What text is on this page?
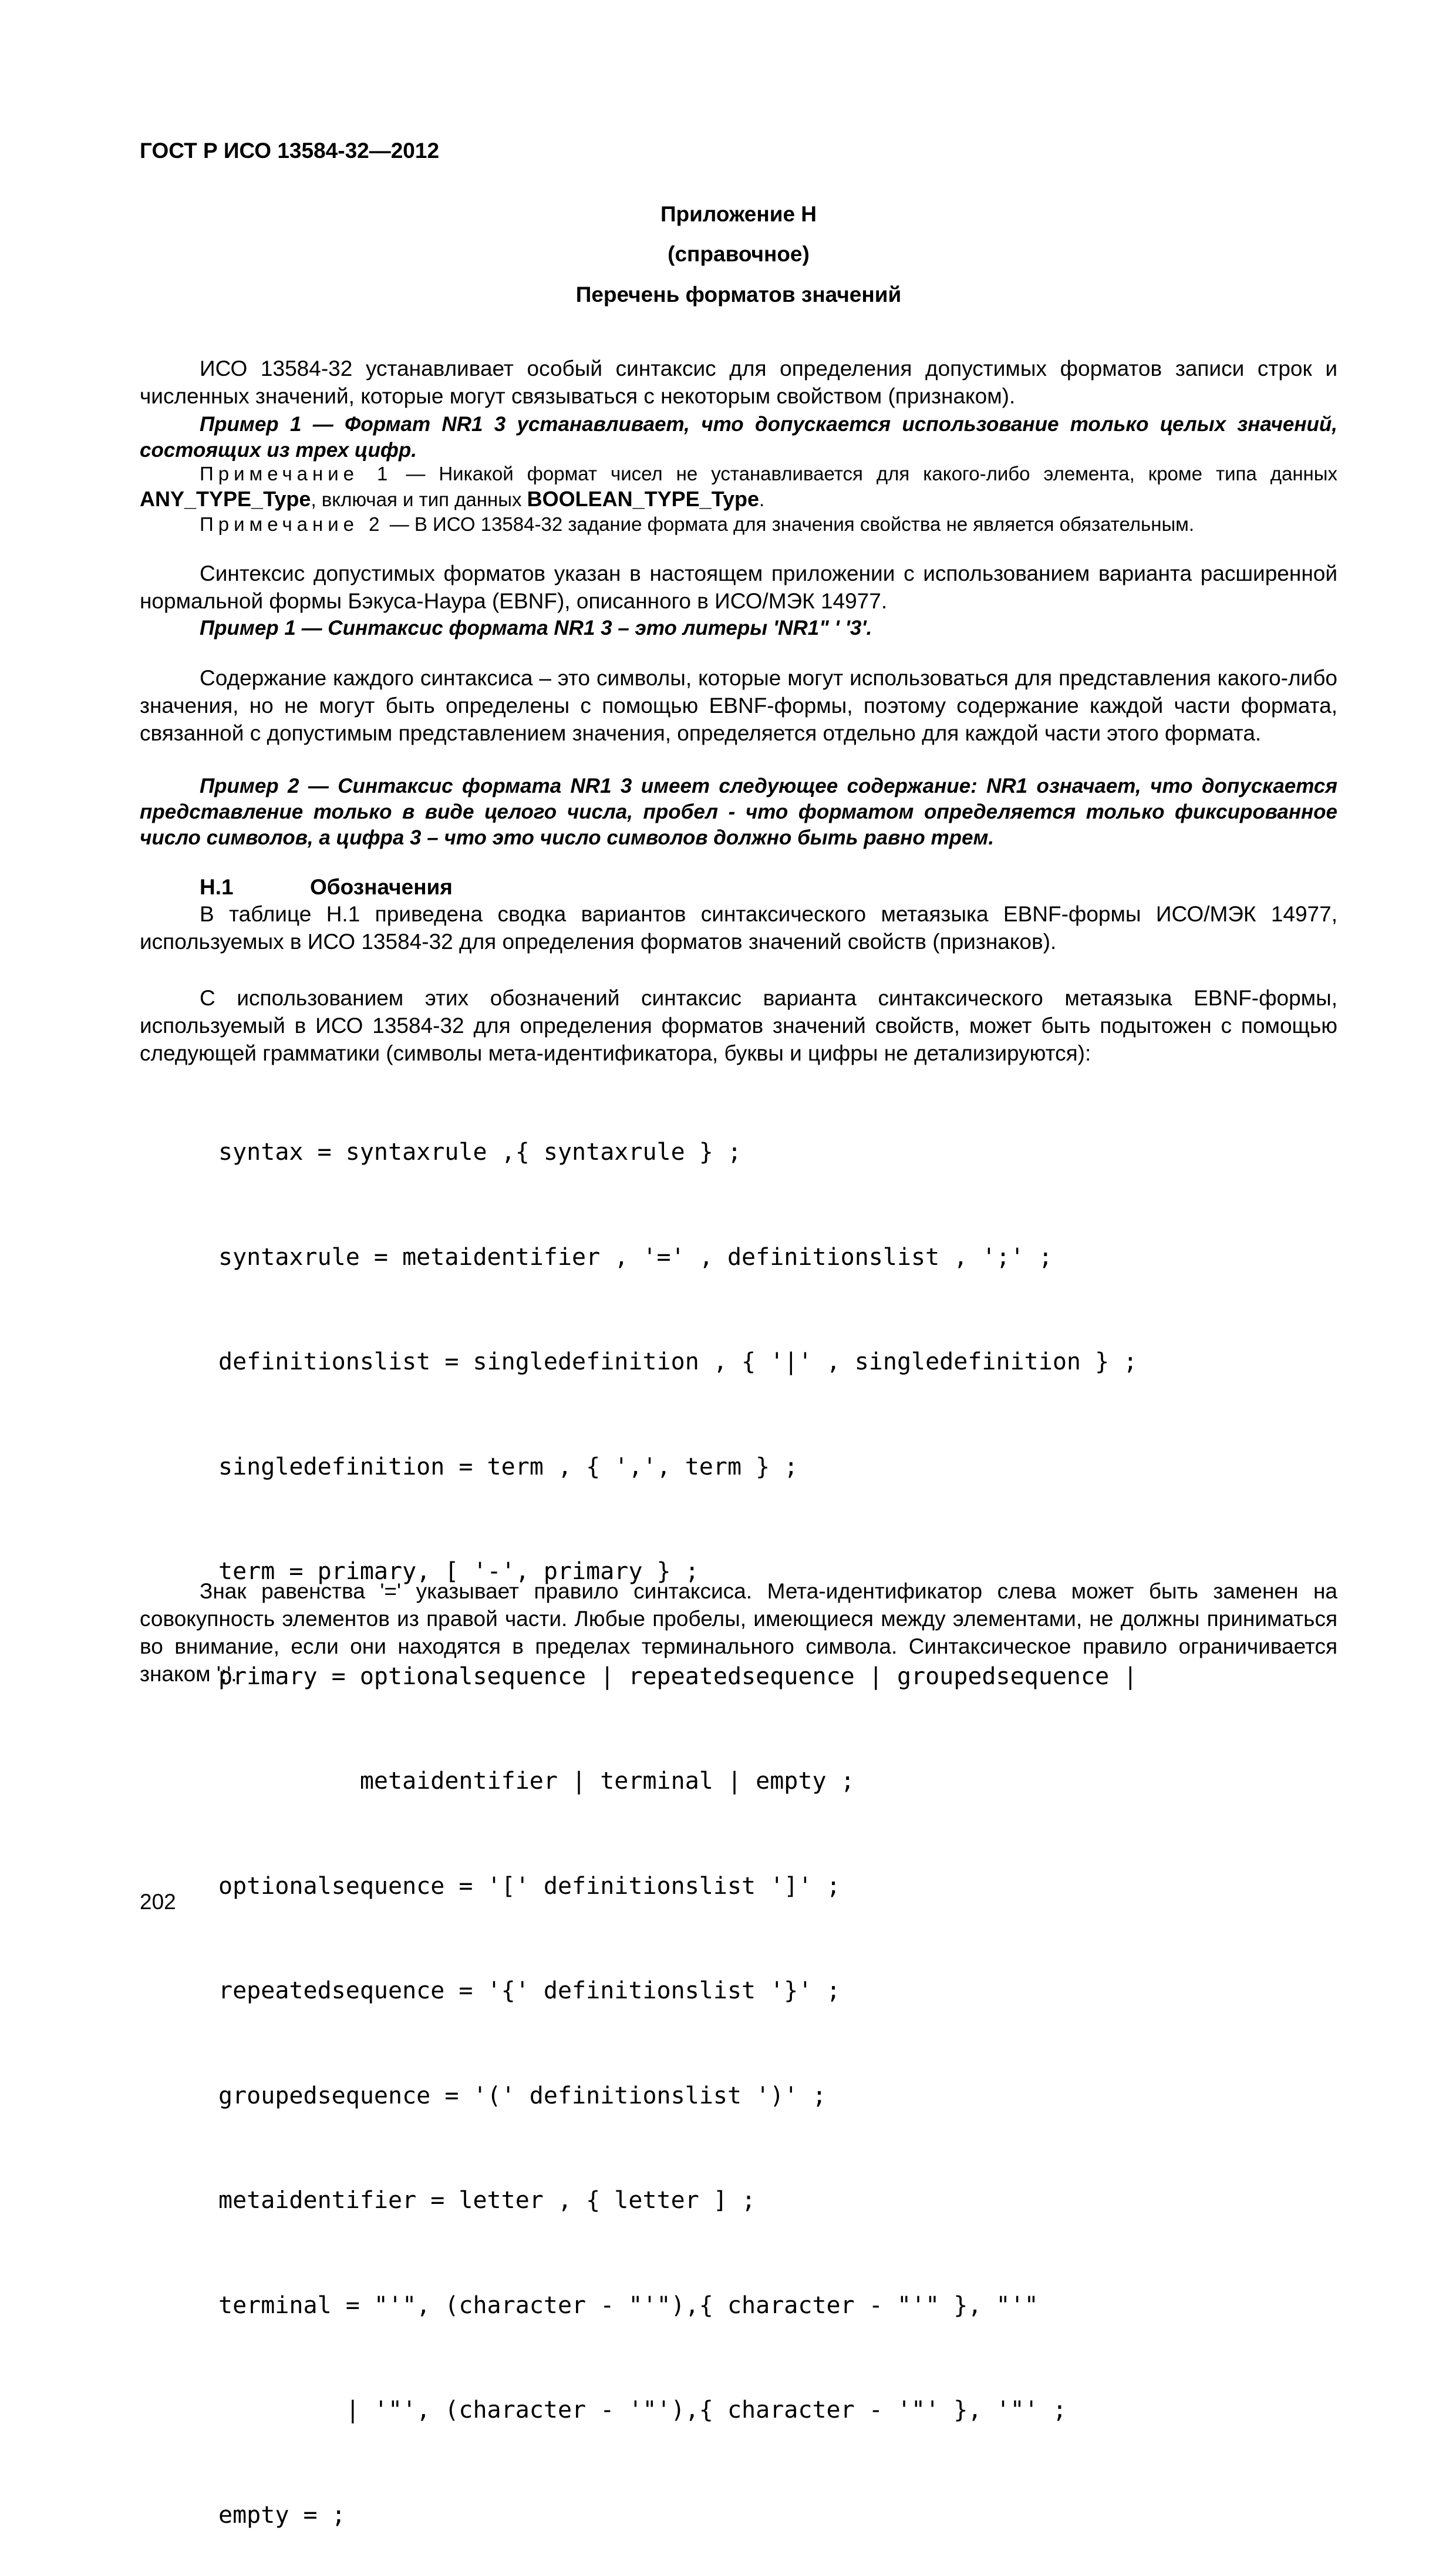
ГОСТ Р ИСО 13584-32—2012
Приложение Н
(справочное)
Перечень форматов значений
ИСО 13584-32 устанавливает особый синтаксис для определения допустимых форматов записи строк и численных значений, которые могут связываться с некоторым свойством (признаком).
Пример 1 — Формат NR1 3 устанавливает, что допускается использование только целых значений, состоящих из трех цифр.
Примечание 1 — Никакой формат чисел не устанавливается для какого-либо элемента, кроме типа данных ANY_TYPE_Type, включая и тип данных BOOLEAN_TYPE_Type.
Примечание 2 — В ИСО 13584-32 задание формата для значения свойства не является обязательным.
Синтексис допустимых форматов указан в настоящем приложении с использованием варианта расширенной нормальной формы Бэкуса-Наура (EBNF), описанного в ИСО/МЭК 14977.
Пример 1 — Синтаксис формата NR1 3 – это литеры 'NR1" ' '3'.
Содержание каждого синтаксиса – это символы, которые могут использоваться для представления какого-либо значения, но не могут быть определены с помощью EBNF-формы, поэтому содержание каждой части формата, связанной с допустимым представлением значения, определяется отдельно для каждой части этого формата.
Пример 2 — Синтаксис формата NR1 3 имеет следующее содержание: NR1 означает, что допускается представление только в виде целого числа, пробел - что форматом определяется только фиксированное число символов, а цифра 3 – что это число символов должно быть равно трем.
Н.1	Обозначения
В таблице Н.1 приведена сводка вариантов синтаксического метаязыка EBNF-формы ИСО/МЭК 14977, используемых в ИСО 13584-32 для определения форматов значений свойств (признаков).
С использованием этих обозначений синтаксис варианта синтаксического метаязыка EBNF-формы, используемый в ИСО 13584-32 для определения форматов значений свойств, может быть подытожен с помощью следующей грамматики (символы мета-идентификатора, буквы и цифры не детализируются):

syntax = syntaxrule ,{ syntaxrule } ;

syntaxrule = metaidentifier , '=' , definitionslist , ';' ;

definitionslist = singledefinition , { '|' , singledefinition } ;

singledefinition = term , { ',', term } ;

term = primary, [ '-', primary } ;

primary = optionalsequence | repeatedsequence | groupedsequence |

metaidentifier | terminal | empty ;

optionalsequence = '[' definitionslist ']' ;

repeatedsequence = '{' definitionslist '}' ;

groupedsequence = '(' definitionslist ')' ;

metaidentifier = letter , { letter ] ;

terminal = "'", (character - "'"),{ character - "'" }, "'"

| '"', (character - '"'),{ character - '"' }, '"' ;

empty = ;

Знак равенства '=' указывает правило синтаксиса. Мета-идентификатор слева может быть заменен на совокупность элементов из правой части. Любые пробелы, имеющиеся между элементами, не должны приниматься во внимание, если они находятся в пределах терминального символа. Синтаксическое правило ограничивается знаком ';'.
202
